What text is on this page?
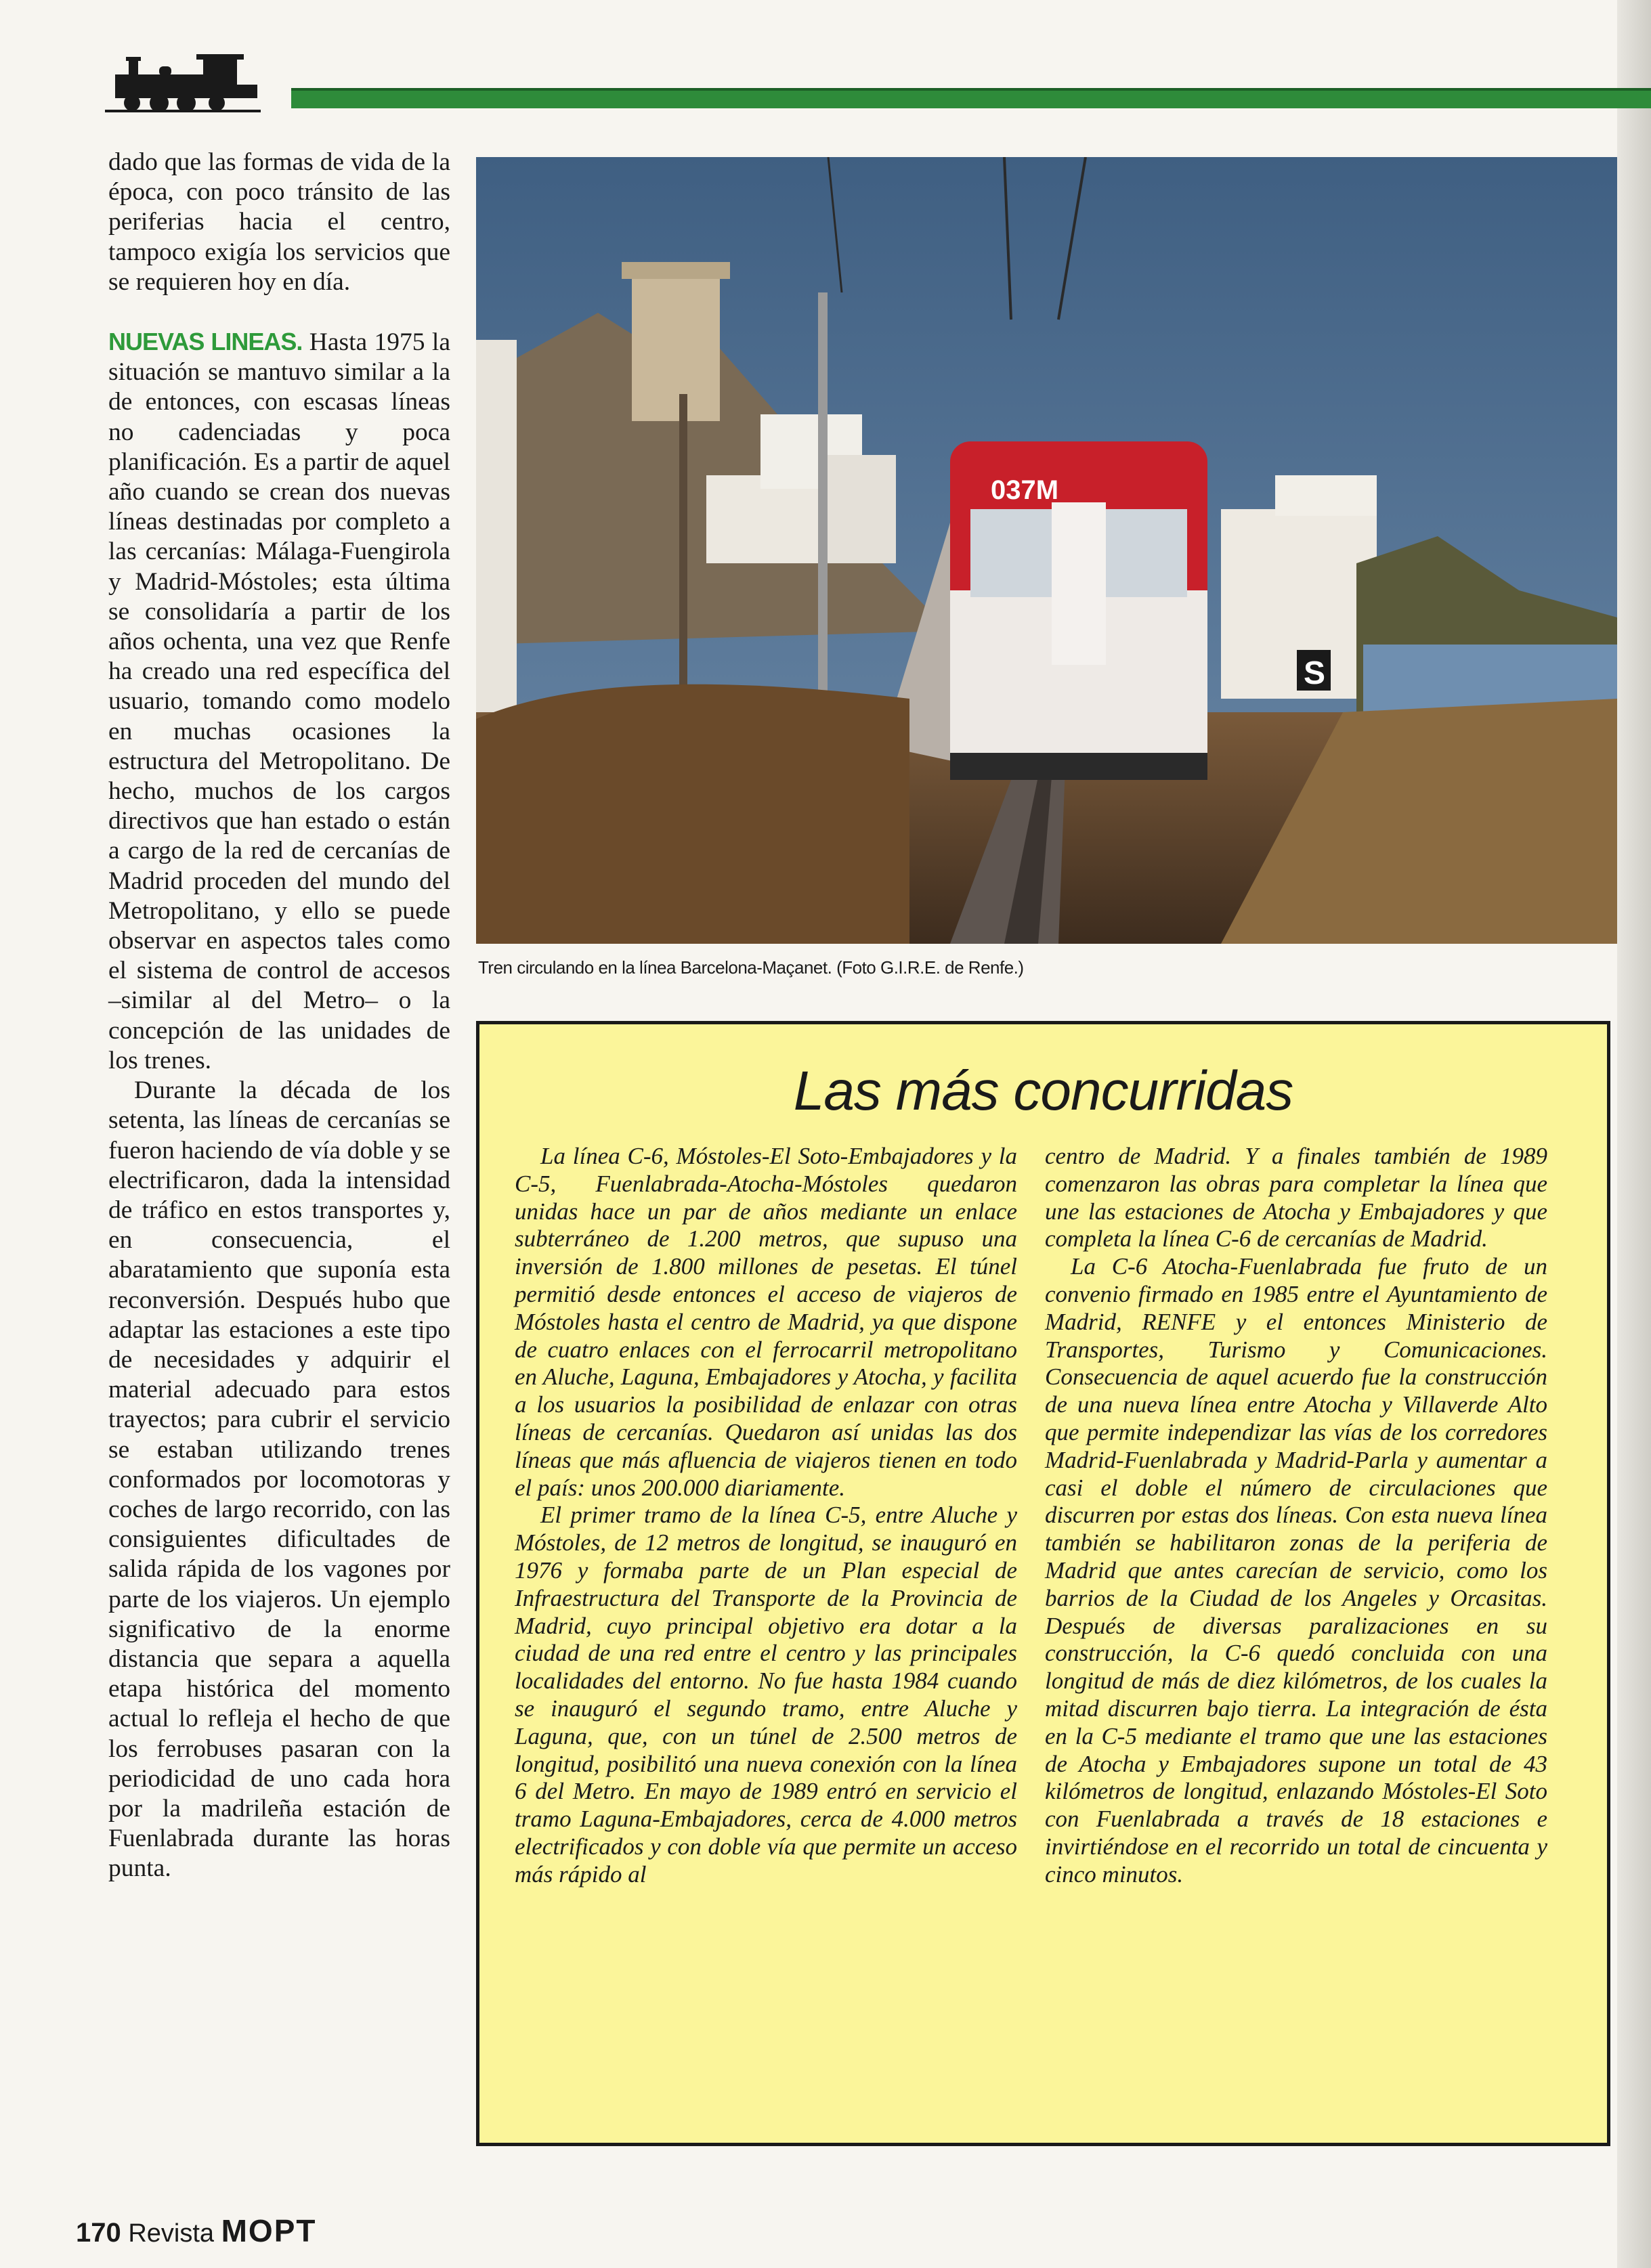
dado que las formas de vida de la época, con poco tránsito de las periferias hacia el centro, tampoco exigía los servicios que se requieren hoy en día.

NUEVAS LINEAS. Hasta 1975 la situación se mantuvo similar a la de entonces, con escasas líneas no cadenciadas y poca planificación. Es a partir de aquel año cuando se crean dos nuevas líneas destinadas por completo a las cercanías: Málaga-Fuengirola y Madrid-Móstoles; esta última se consolidaría a partir de los años ochenta, una vez que Renfe ha creado una red específica del usuario, tomando como modelo en muchas ocasiones la estructura del Metropolitano. De hecho, muchos de los cargos directivos que han estado o están a cargo de la red de cercanías de Madrid proceden del mundo del Metropolitano, y ello se puede observar en aspectos tales como el sistema de control de accesos –similar al del Metro– o la concepción de las unidades de los trenes.

Durante la década de los setenta, las líneas de cercanías se fueron haciendo de vía doble y se electrificaron, dada la intensidad de tráfico en estos transportes y, en consecuencia, el abaratamiento que suponía esta reconversión. Después hubo que adaptar las estaciones a este tipo de necesidades y adquirir el material adecuado para estos trayectos; para cubrir el servicio se estaban utilizando trenes conformados por locomotoras y coches de largo recorrido, con las consiguientes dificultades de salida rápida de los vagones por parte de los viajeros. Un ejemplo significativo de la enorme distancia que separa a aquella etapa histórica del momento actual lo refleja el hecho de que los ferrobuses pasaran con la periodicidad de uno cada hora por la madrileña estación de Fuenlabrada durante las horas punta.

037M
S
Tren circulando en la línea Barcelona-Maçanet. (Foto G.I.R.E. de Renfe.)
Las más concurridas

La línea C-6, Móstoles-El Soto-Embajadores y la C-5, Fuenlabrada-Atocha-Móstoles quedaron unidas hace un par de años mediante un enlace subterráneo de 1.200 metros, que supuso una inversión de 1.800 millones de pesetas. El túnel permitió desde entonces el acceso de viajeros de Móstoles hasta el centro de Madrid, ya que dispone de cuatro enlaces con el ferrocarril metropolitano en Aluche, Laguna, Embajadores y Atocha, y facilita a los usuarios la posibilidad de enlazar con otras líneas de cercanías. Quedaron así unidas las dos líneas que más afluencia de viajeros tienen en todo el país: unos 200.000 diariamente.

El primer tramo de la línea C-5, entre Aluche y Móstoles, de 12 metros de longitud, se inauguró en 1976 y formaba parte de un Plan especial de Infraestructura del Transporte de la Provincia de Madrid, cuyo principal objetivo era dotar a la ciudad de una red entre el centro y las principales localidades del entorno. No fue hasta 1984 cuando se inauguró el segundo tramo, entre Aluche y Laguna, que, con un túnel de 2.500 metros de longitud, posibilitó una nueva conexión con la línea 6 del Metro. En mayo de 1989 entró en servicio el tramo Laguna-Embajadores, cerca de 4.000 metros electrificados y con doble vía que permite un acceso más rápido al

centro de Madrid. Y a finales también de 1989 comenzaron las obras para completar la línea que une las estaciones de Atocha y Embajadores y que completa la línea C-6 de cercanías de Madrid.

La C-6 Atocha-Fuenlabrada fue fruto de un convenio firmado en 1985 entre el Ayuntamiento de Madrid, RENFE y el entonces Ministerio de Transportes, Turismo y Comunicaciones. Consecuencia de aquel acuerdo fue la construcción de una nueva línea entre Atocha y Villaverde Alto que permite independizar las vías de los corredores Madrid-Fuenlabrada y Madrid-Parla y aumentar a casi el doble el número de circulaciones que discurren por estas dos líneas. Con esta nueva línea también se habilitaron zonas de la periferia de Madrid que antes carecían de servicio, como los barrios de la Ciudad de los Angeles y Orcasitas. Después de diversas paralizaciones en su construcción, la C-6 quedó concluida con una longitud de más de diez kilómetros, de los cuales la mitad discurren bajo tierra. La integración de ésta en la C-5 mediante el tramo que une las estaciones de Atocha y Embajadores supone un total de 43 kilómetros de longitud, enlazando Móstoles-El Soto con Fuenlabrada a través de 18 estaciones e invirtiéndose en el recorrido un total de cincuenta y cinco minutos.

170 Revista MOPT
